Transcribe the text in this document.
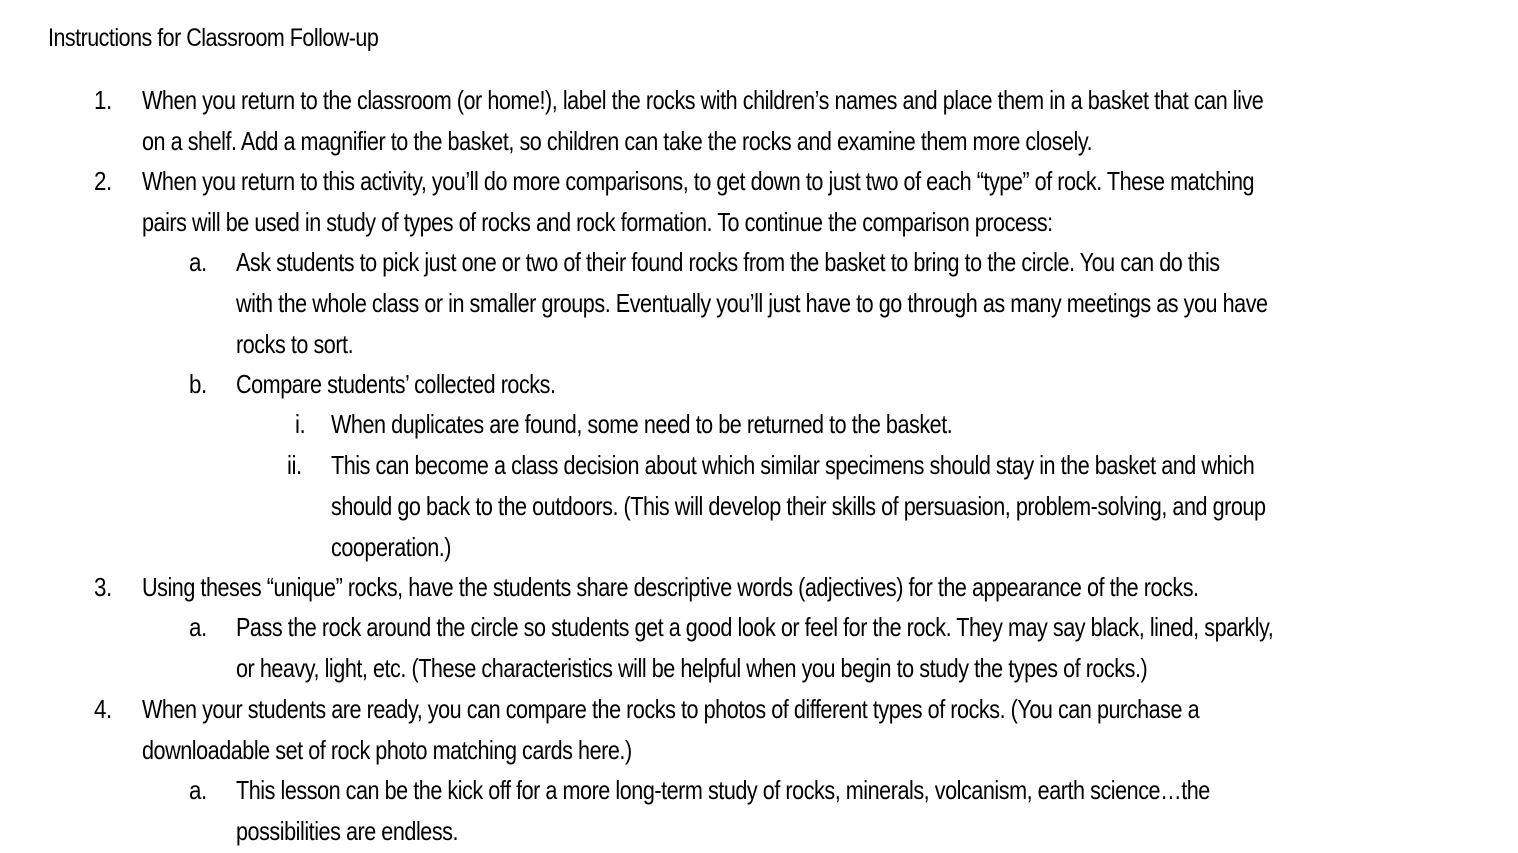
Instructions for Classroom Follow-up
1. When you return to the classroom (or home!), label the rocks with children’s names and place them in a basket that can live
on a shelf. Add a magnifier to the basket, so children can take the rocks and examine them more closely.
2. When you return to this activity, you’ll do more comparisons, to get down to just two of each “type” of rock. These matching
pairs will be used in study of types of rocks and rock formation. To continue the comparison process:
a. Ask students to pick just one or two of their found rocks from the basket to bring to the circle. You can do this
with the whole class or in smaller groups. Eventually you’ll just have to go through as many meetings as you have
rocks to sort.
b. Compare students’ collected rocks.
i. When duplicates are found, some need to be returned to the basket.
ii. This can become a class decision about which similar specimens should stay in the basket and which
should go back to the outdoors. (This will develop their skills of persuasion, problem-solving, and group
cooperation.)
3. Using theses “unique” rocks, have the students share descriptive words (adjectives) for the appearance of the rocks.
a. Pass the rock around the circle so students get a good look or feel for the rock. They may say black, lined, sparkly,
or heavy, light, etc. (These characteristics will be helpful when you begin to study the types of rocks.)
4. When your students are ready, you can compare the rocks to photos of different types of rocks. (You can purchase a
downloadable set of rock photo matching cards here.)
a. This lesson can be the kick off for a more long-term study of rocks, minerals, volcanism, earth science…the
possibilities are endless.
